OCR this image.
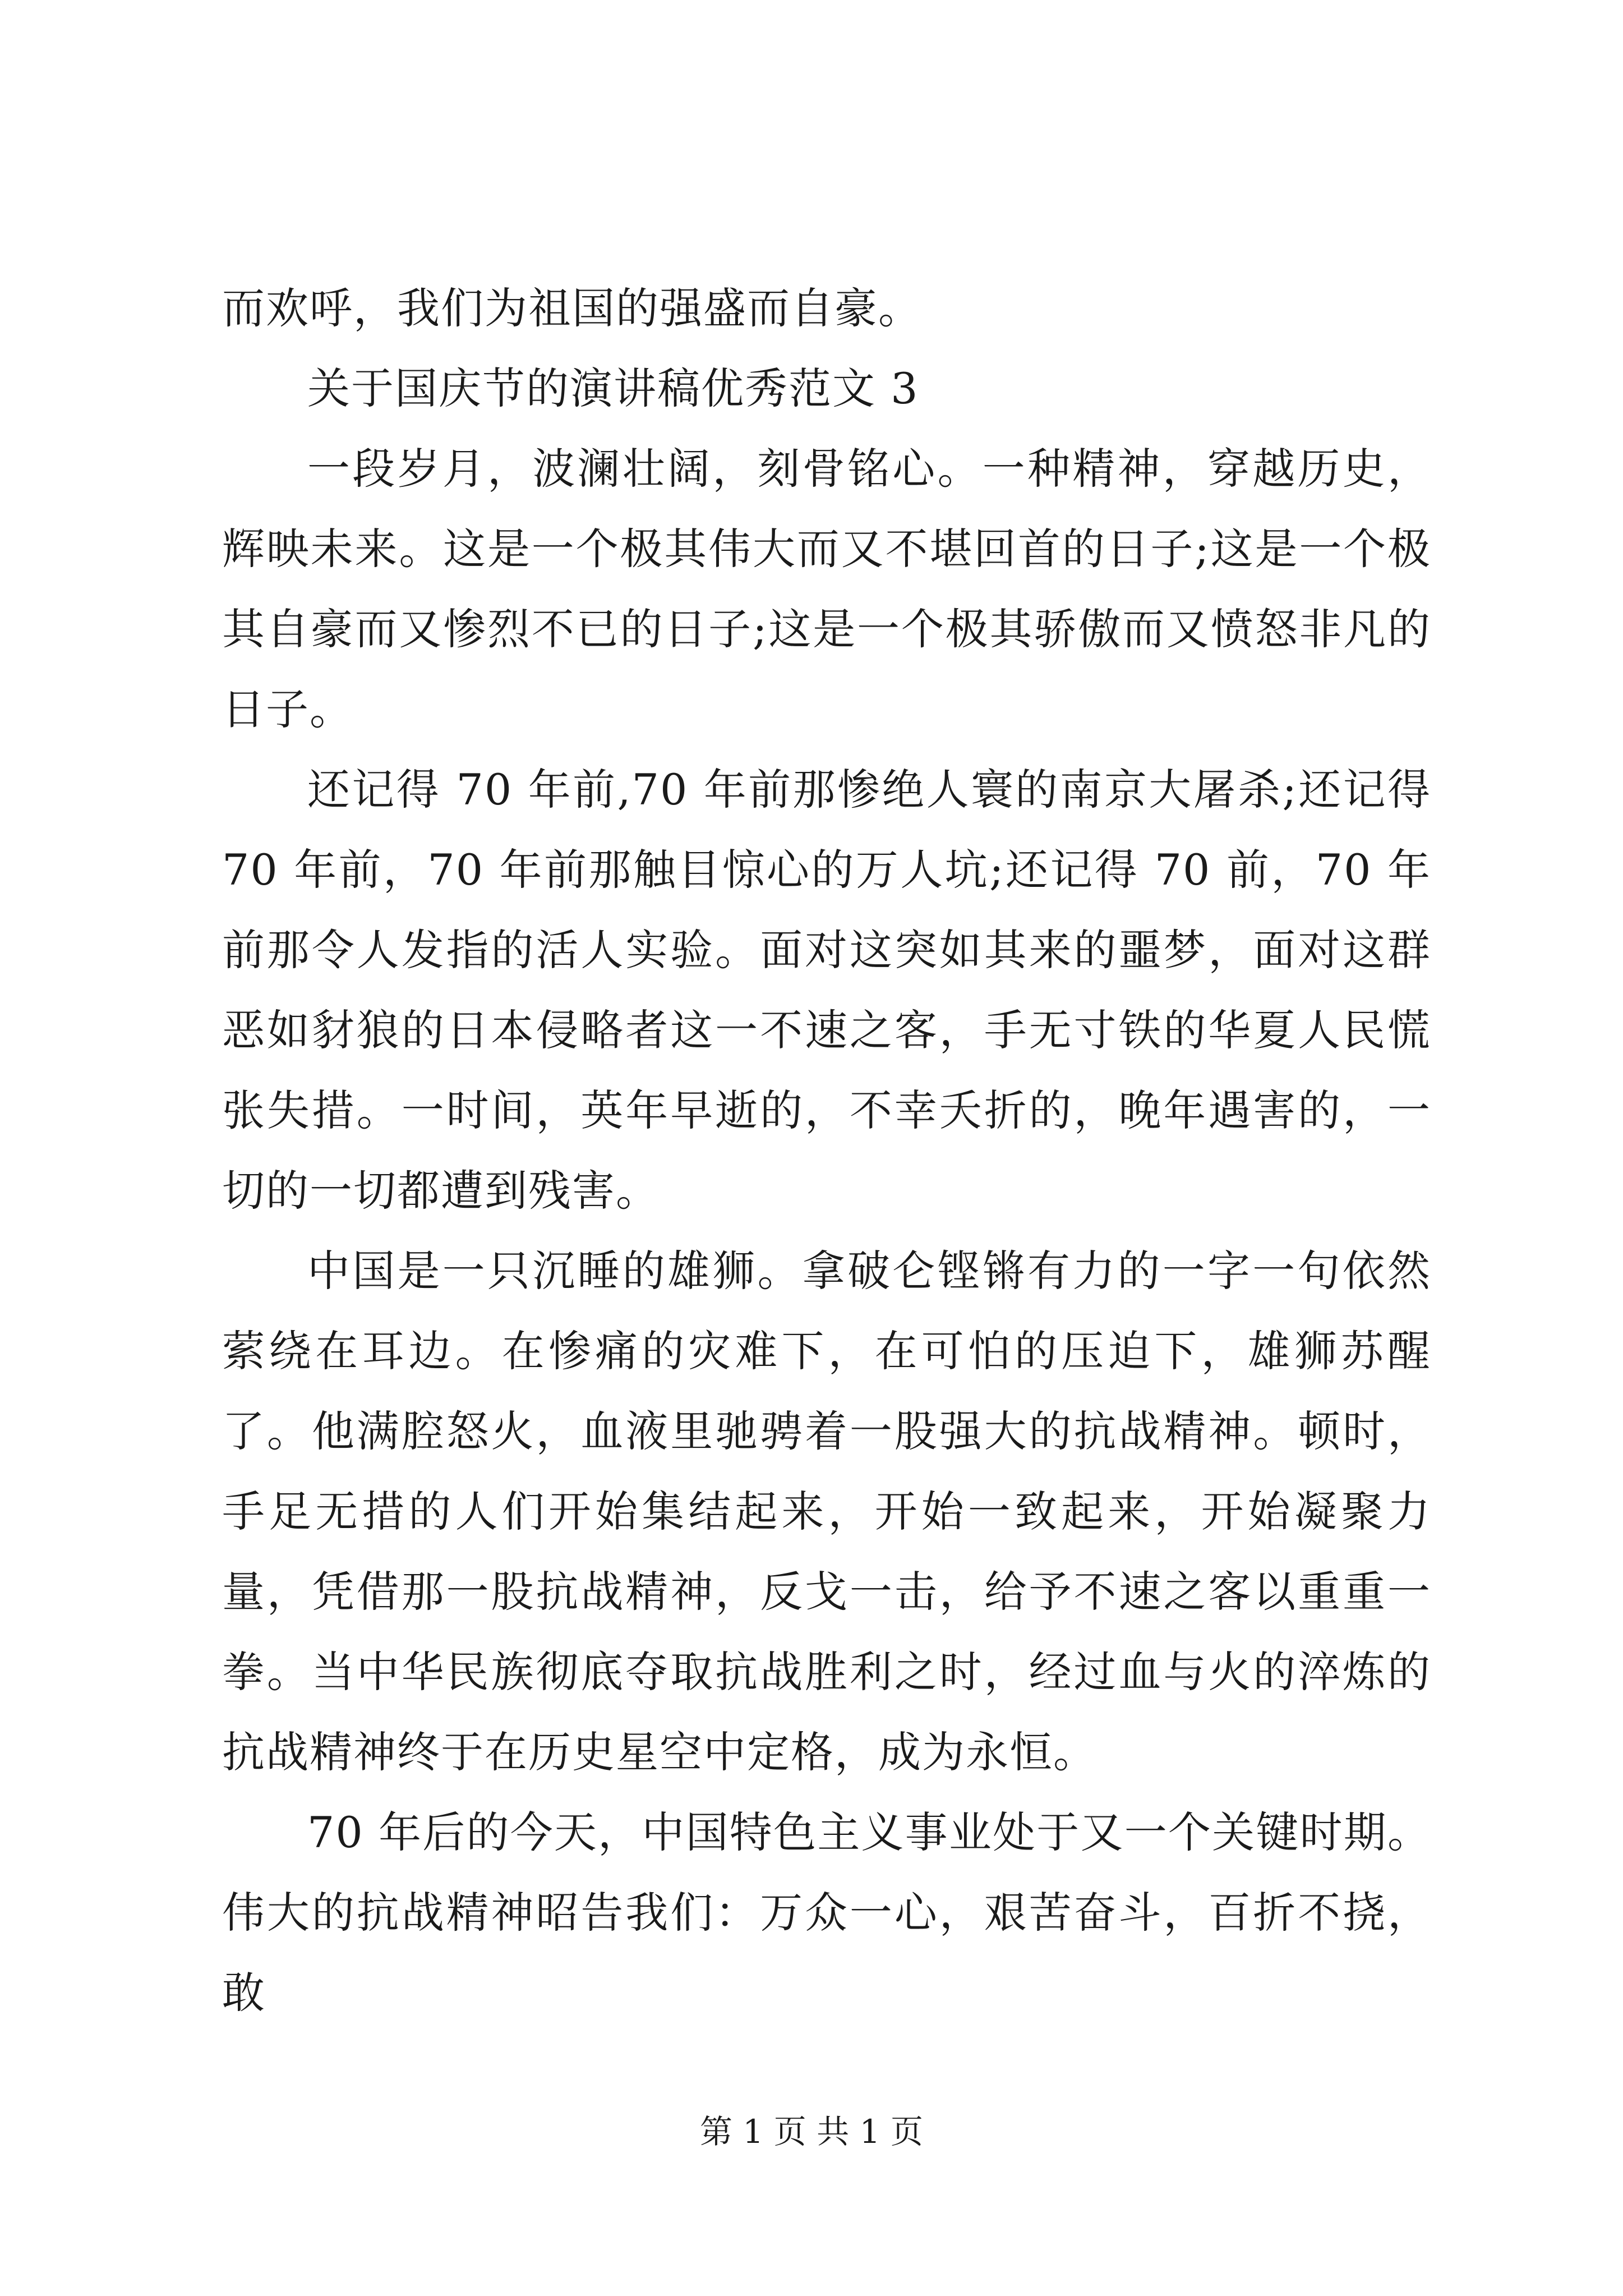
而欢呼，我们为祖国的强盛而自豪。

关于国庆节的演讲稿优秀范文 3

一段岁月，波澜壮阔，刻骨铭心。一种精神，穿越历史，辉映未来。这是一个极其伟大而又不堪回首的日子;这是一个极其自豪而又惨烈不已的日子;这是一个极其骄傲而又愤怒非凡的日子。

还记得 70 年前,70 年前那惨绝人寰的南京大屠杀;还记得 70 年前，70 年前那触目惊心的万人坑;还记得 70 前，70 年前那令人发指的活人实验。面对这突如其来的噩梦，面对这群恶如豺狼的日本侵略者这一不速之客，手无寸铁的华夏人民慌张失措。一时间，英年早逝的，不幸夭折的，晚年遇害的，一切的一切都遭到残害。

中国是一只沉睡的雄狮。拿破仑铿锵有力的一字一句依然萦绕在耳边。在惨痛的灾难下，在可怕的压迫下，雄狮苏醒了。他满腔怒火，血液里驰骋着一股强大的抗战精神。顿时，手足无措的人们开始集结起来，开始一致起来，开始凝聚力量，凭借那一股抗战精神，反戈一击，给予不速之客以重重一拳。当中华民族彻底夺取抗战胜利之时，经过血与火的淬炼的抗战精神终于在历史星空中定格，成为永恒。

70 年后的今天，中国特色主义事业处于又一个关键时期。伟大的抗战精神昭告我们：万众一心，艰苦奋斗，百折不挠，敢

第 1 页 共 1 页
